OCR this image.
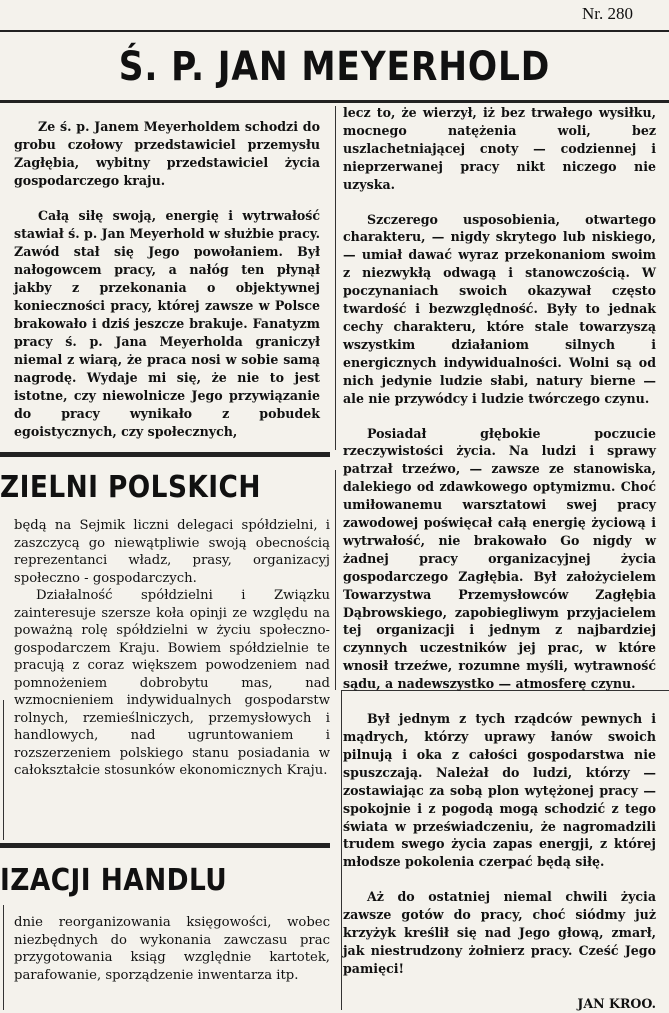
Nr. 280
Ś. P. JAN MEYERHOLD

Ze ś. p. Janem Meyerholdem schodzi do grobu czołowy przedstawiciel przemysłu Zagłębia, wybitny przedstawiciel życia gospodarczego kraju.

Całą siłę swoją, energię i wytrwałość stawiał ś. p. Jan Meyerhold w służbie pracy. Zawód stał się Jego powołaniem. Był nałogowcem pracy, a nałóg ten płynął jakby z przekonania o objektywnej konieczności pracy, której zawsze w Polsce brakowało i dziś jeszcze brakuje. Fanatyzm pracy ś. p. Jana Meyerholda graniczył niemal z wiarą, że praca nosi w sobie samą nagrodę. Wydaje mi się, że nie to jest istotne, czy niewolnicze Jego przywiązanie do pracy wynikało z pobudek egoistycznych, czy społecznych,

lecz to, że wierzył, iż bez trwałego wysiłku, mocnego natężenia woli, bez uszlachetniającej cnoty — codziennej i nieprzerwanej pracy nikt niczego nie uzyska.

Szczerego usposobienia, otwartego charakteru, — nigdy skrytego lub niskiego, — umiał dawać wyraz przekonaniom swoim z niezwykłą odwagą i stanowczością. W poczynaniach swoich okazywał często twardość i bezwzględność. Były to jednak cechy charakteru, które stale towarzyszą wszystkim działaniom silnych i energicznych indywidualności. Wolni są od nich jedynie ludzie słabi, natury bierne — ale nie przywódcy i ludzie twórczego czynu.

Posiadał głębokie poczucie rzeczywistości życia. Na ludzi i sprawy patrzał trzeźwo, — zawsze ze stanowiska, dalekiego od zdawkowego optymizmu. Choć umiłowanemu warsztatowi swej pracy zawodowej poświęcał całą energię życiową i wytrwałość, nie brakowało Go nigdy w żadnej pracy organizacyjnej życia gospodarczego Zagłębia. Był założycielem Towarzystwa Przemysłowców Zagłębia Dąbrowskiego, zapobiegliwym przyjacielem tej organizacji i jednym z najbardziej czynnych uczestników jej prac, w które wnosił trzeźwe, rozumne myśli, wytrawność sądu, a nadewszystko — atmosferę czynu.

Był jednym z tych rządców pewnych i mądrych, którzy uprawy łanów swoich pilnują i oka z całości gospodarstwa nie spuszczają. Należał do ludzi, którzy — zostawiając za sobą plon wytężonej pracy — spokojnie i z pogodą mogą schodzić z tego świata w przeświadczeniu, że nagromadzili trudem swego życia zapas energji, z której młodsze pokolenia czerpać będą siłę.

Aż do ostatniej niemal chwili życia zawsze gotów do pracy, choć siódmy już krzyżyk kreślił się nad Jego głową, zmarł, jak niestrudzony żołnierz pracy. Cześć Jego pamięci!

JAN KROO.

ZIELNI POLSKICH

będą na Sejmik liczni delegaci spółdzielni, i zaszczycą go niewątpliwie swoją obecnością reprezentanci władz, prasy, organizacyj społeczno - gospodarczych.

Działalność spółdzielni i Związku zainteresuje szersze koła opinji ze względu na poważną rolę spółdzielni w życiu społeczno-gospodarczem Kraju. Bowiem spółdzielnie te pracują z coraz większem powodzeniem nad pomnożeniem dobrobytu mas, nad wzmocnieniem indywidualnych gospodarstw rolnych, rzemieślniczych, przemysłowych i handlowych, nad ugruntowaniem i rozszerzeniem polskiego stanu posiadania w całokształcie stosunków ekonomicznych Kraju.

IZACJI HANDLU

dnie reorganizowania księgowości, wobec niezbędnych do wykonania zawczasu prac przygotowania ksiąg względnie kartotek, parafowanie, sporządzenie inwentarza itp.
